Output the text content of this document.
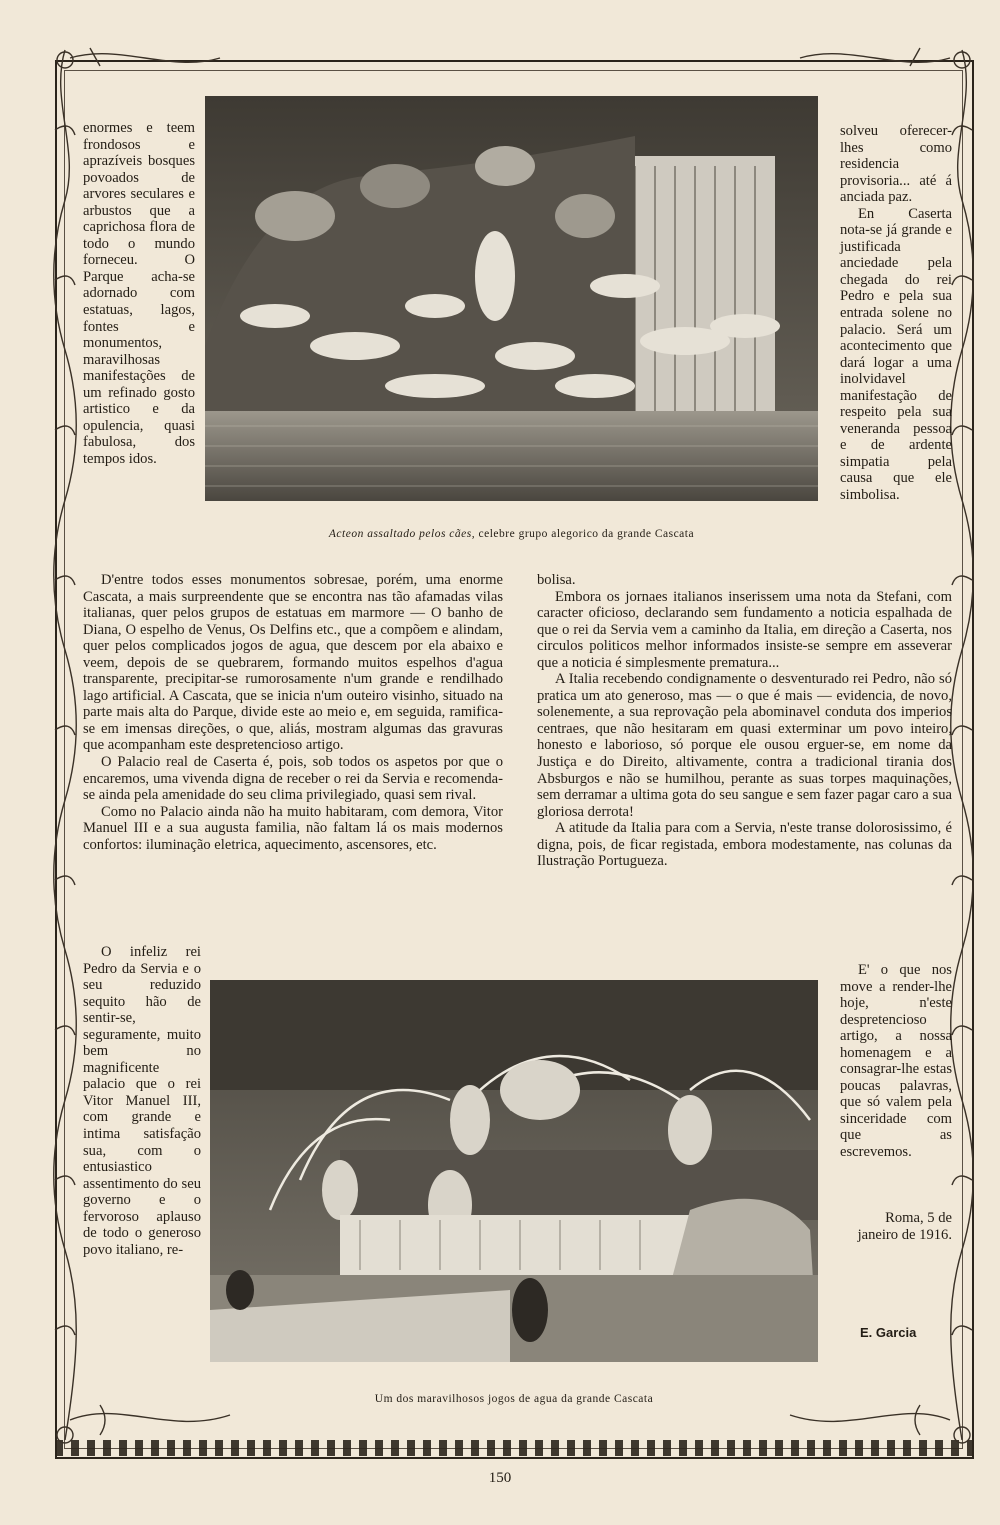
enormes e teem frondosos e aprazíveis bosques povoados de arvores seculares e arbustos que a caprichosa flora de todo o mundo forneceu. O Parque acha-se adornado com estatuas, lagos, fontes e monumentos, maravilhosas manifestações de um refinado gosto artistico e da opulencia, quasi fabulosa, dos tempos idos.

Acteon assaltado pelos cães, celebre grupo alegorico da grande Cascata

solveu oferecer-lhes como residencia provisoria... até á anciada paz.

En Caserta nota-se já grande e justificada anciedade pela chegada do rei Pedro e pela sua entrada solene no palacio. Será um acontecimento que dará logar a uma inolvidavel manifestação de respeito pela sua veneranda pessoa e de ardente simpatia pela causa que ele simbolisa.

D'entre todos esses monumentos sobresae, porém, uma enorme Cascata, a mais surpreendente que se encontra nas tão afamadas vilas italianas, quer pelos grupos de estatuas em marmore — O banho de Diana, O espelho de Venus, Os Delfins etc., que a compõem e alindam, quer pelos complicados jogos de agua, que descem por ela abaixo e veem, depois de se quebrarem, formando muitos espelhos d'agua transparente, precipitar-se rumorosamente n'um grande e rendilhado lago artificial. A Cascata, que se inicia n'um outeiro visinho, situado na parte mais alta do Parque, divide este ao meio e, em seguida, ramifica-se em imensas direções, o que, aliás, mostram algumas das gravuras que acompanham este despretencioso artigo.

O Palacio real de Caserta é, pois, sob todos os aspetos por que o encaremos, uma vivenda digna de receber o rei da Servia e recomenda-se ainda pela amenidade do seu clima privilegiado, quasi sem rival.

Como no Palacio ainda não ha muito habitaram, com demora, Vitor Manuel III e a sua augusta familia, não faltam lá os mais modernos confortos: iluminação eletrica, aquecimento, ascensores, etc.

bolisa.

Embora os jornaes italianos inserissem uma nota da Stefani, com caracter oficioso, declarando sem fundamento a noticia espalhada de que o rei da Servia vem a caminho da Italia, em direção a Caserta, nos circulos politicos melhor informados insiste-se sempre em asseverar que a noticia é simplesmente prematura...

A Italia recebendo condignamente o desventurado rei Pedro, não só pratica um ato generoso, mas — o que é mais — evidencia, de novo, solenemente, a sua reprovação pela abominavel conduta dos imperios centraes, que não hesitaram em quasi exterminar um povo inteiro, honesto e laborioso, só porque ele ousou erguer-se, em nome da Justiça e do Direito, altivamente, contra a tradicional tirania dos Absburgos e não se humilhou, perante as suas torpes maquinações, sem derramar a ultima gota do seu sangue e sem fazer pagar caro a sua gloriosa derrota!

A atitude da Italia para com a Servia, n'este transe dolorosissimo, é digna, pois, de ficar registada, embora modestamente, nas colunas da Ilustração Portugueza.

O infeliz rei Pedro da Servia e o seu reduzido sequito hão de sentir-se, seguramente, muito bem no magnificente palacio que o rei Vitor Manuel III, com grande e intima satisfação sua, com o entusiastico assentimento do seu governo e o fervoroso aplauso de todo o generoso povo italiano, re-

E' o que nos move a render-lhe hoje, n'este despretencioso artigo, a nossa homenagem e a consagrar-lhe estas poucas palavras, que só valem pela sinceridade com que as escrevemos.

Roma, 5 de janeiro de 1916.
E. Garcia
Um dos maravilhosos jogos de agua da grande Cascata
150
